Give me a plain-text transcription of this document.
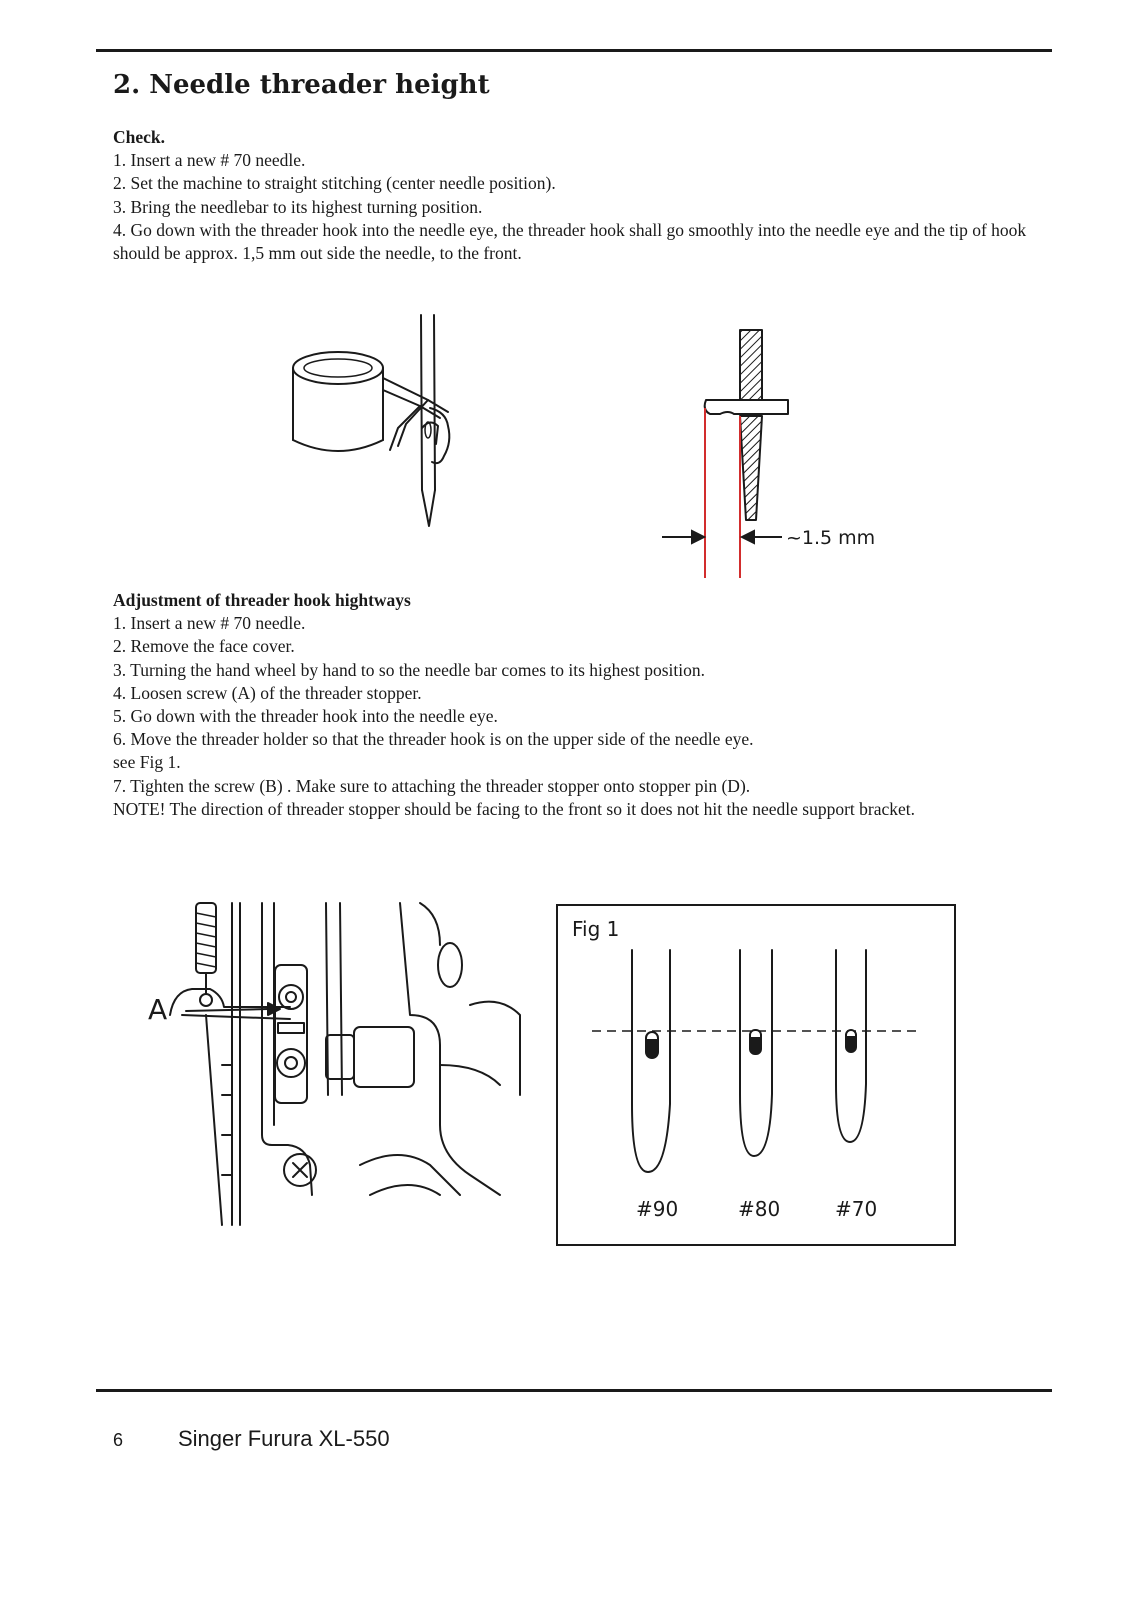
2. Needle threader height
Check.
1. Insert a new # 70 needle.
2. Set the machine to straight stitching (center needle position).
3. Bring the needlebar to its highest turning position.
4. Go down with the threader hook into the needle eye, the threader hook shall go smoothly into the needle eye and the tip of hook should be approx. 1,5 mm out side the needle, to the front.
~1.5 mm
Adjustment of threader hook hightways
1. Insert a new # 70 needle.
2. Remove the face cover.
3. Turning the hand wheel by hand to so the needle bar comes to its highest position.
4. Loosen screw (A) of the threader stopper.
5. Go down with the threader hook into the needle eye.
6. Move the threader holder so that the threader hook is on the upper side of the needle eye.
see Fig 1.
7. Tighten the screw (B) . Make sure to attaching the threader stopper onto stopper pin (D).
NOTE! The direction of threader stopper should be facing to the front so it does not hit the needle support bracket.
A
Fig 1
#90	#80	#70
6 Singer Furura XL-550
